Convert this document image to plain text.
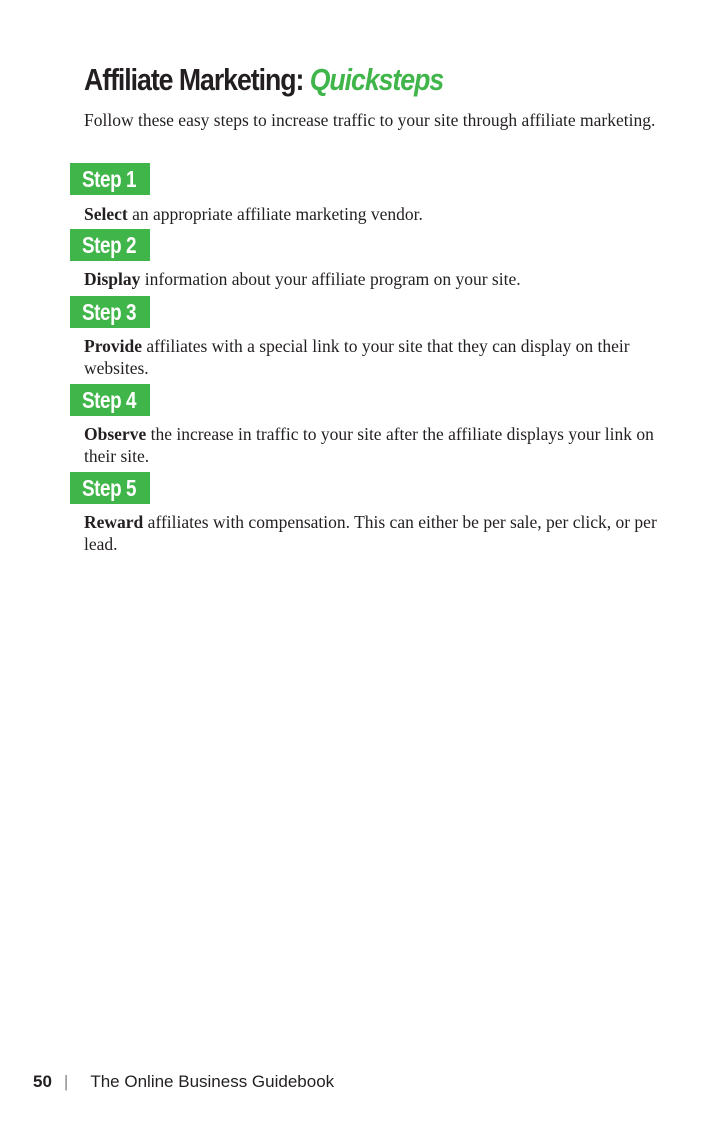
Affiliate Marketing: Quicksteps

Follow these easy steps to increase traffic to your site through affiliate marketing.

Step 1

Select an appropriate affiliate marketing vendor.

Step 2

Display information about your affiliate program on your site.

Step 3

Provide affiliates with a special link to your site that they can display on their websites.

Step 4

Observe the increase in traffic to your site after the affiliate displays your link on their site.

Step 5

Reward affiliates with compensation. This can either be per sale, per click, or per lead.

50 | The Online Business Guidebook
